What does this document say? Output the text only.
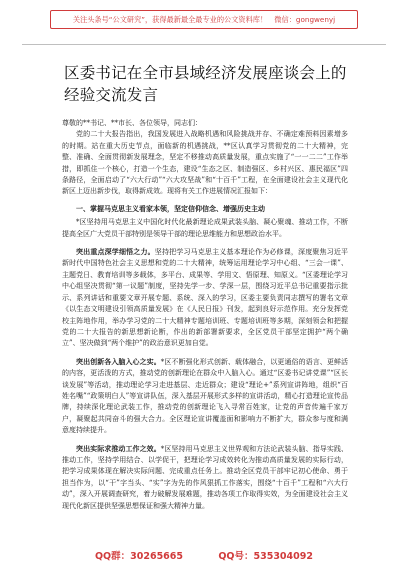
关注头条号“公文研究”，获得最新最全最专业的公文资料库！　微信：gongwenyj
区委书记在全市县域经济发展座谈会上的经验交流发言

尊敬的**书记、**市长、各位领导，同志们：

党的二十大报告指出，我国发展进入战略机遇和风险挑战并存、不确定难预料因素增多的时期。站在重大历史节点，面临新的机遇挑战，**区认真学习贯彻党的二十大精神，完整、准确、全面贯彻新发展理念，坚定不移推动高质量发展，重点实施了“一一二二”工作举措，即抓住一个核心，打造一个生态，建设“生态之区、制造强区、乡村兴区、惠民福区”四条路径，全面启动了“六大行动”“六大攻坚战”和“十百千”工程，在全面建设社会主义现代化新区上迈出新步伐，取得新成效。现将有关工作进展情况汇报如下：

一、掌握马克思主义看家本领，坚定信仰信念、增强历史主动

*区坚持用马克思主义中国化时代化最新理论成果武装头脑、凝心聚魂、推动工作，不断提高全区广大党员干部特别是领导干部的理论思维能力和思想政治水平。

突出重点深学细悟之力。坚持把学习马克思主义基本理论作为必修课，深度聚焦习近平新时代中国特色社会主义思想和党的二十大精神，统筹运用理论学习中心组、“三会一课”、主题党日、教育培训等多载体，多平台、成果等、学用文、悟原理、知原义。“区委理论学习中心组坚决贯彻“第一议题”制度，坚持先学一步、学深一层，围绕习近平总书记重要指示批示、系列讲话和重要文章开展专题、系统、深入的学习，区委主要负责同志撰写的署名文章《以生态文明建设引领高质量发展》在《人民日报》刊发，起到良好示范作用。充分发挥党校主阵地作用，举办学习党的二十大精神专题培训班、专题培训班等多期，深刻领会和把握党的二十大报告的新思想新论断，作出的新部署新要求，全区党员干部坚定拥护“两个确立”、坚决做到“两个维护”的政治意识更加自觉。

突出创新各入脑入心之实。*区不断强化形式创新、载体融合，以更通俗的语言、更鲜活的内容，更活泼的方式，推动党的创新理论在群众中入脑入心。通过“区委书记讲党课”“区长谈发展”等活动，推动理论学习走进基层、走近群众；建设“理论+”系列宣讲阵地，组织“百姓名嘴”“政策明白人”等宣讲队伍，深入基层开展形式多样的宣讲活动，精心打造理论宣传品牌，持续深化理论武装工作，推动党的创新理论飞入寻常百姓家，让党的声音传遍千家万户，凝聚起共同奋斗的强大合力。全区理论宣讲覆盖面和影响力不断扩大，群众参与度和满意度持续提升。

突出实际求推动工作之效。*区坚持用马克思主义世界观和方法论武装头脑、指导实践、推动工作，坚持学用结合、以学促干，把理论学习成效转化为推动高质量发展的实际行动，把学习成果体现在解决实际问题、完成重点任务上。推动全区党员干部牢记初心使命、勇于担当作为，以“干”字当头、“实”字为先的作风狠抓工作落实，围绕“十百千”工程和“六大行动”，深入开展调查研究，着力破解发展难题，推动各项工作取得实效，为全面建设社会主义现代化新区提供坚强思想保证和强大精神力量。

QQ群：30265665	QQ号：535304092
